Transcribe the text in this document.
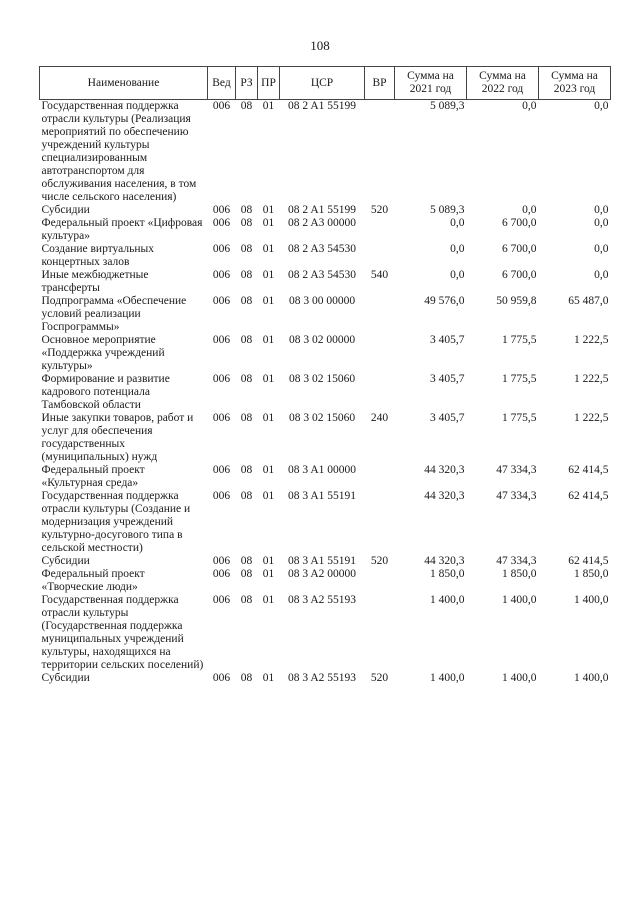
108
Наименование	Вед	РЗ	ПР	ЦСР	ВР	Сумма на 2021 год	Сумма на 2022 год	Сумма на 2023 год
Государственная поддержка отрасли культуры (Реализация мероприятий по обеспечению учреждений культуры специализированным автотранспортом для обслуживания населения, в том числе сельского населения)	006	08	01	08 2 A1 55199		5 089,3	0,0	0,0
Субсидии	006	08	01	08 2 A1 55199	520	5 089,3	0,0	0,0
Федеральный проект «Цифровая культура»	006	08	01	08 2 A3 00000		0,0	6 700,0	0,0
Создание виртуальных концертных залов	006	08	01	08 2 A3 54530		0,0	6 700,0	0,0
Иные межбюджетные трансферты	006	08	01	08 2 A3 54530	540	0,0	6 700,0	0,0
Подпрограмма «Обеспечение условий реализации Госпрограммы»	006	08	01	08 3 00 00000		49 576,0	50 959,8	65 487,0
Основное мероприятие «Поддержка учреждений культуры»	006	08	01	08 3 02 00000		3 405,7	1 775,5	1 222,5
Формирование и развитие кадрового потенциала Тамбовской области	006	08	01	08 3 02 15060		3 405,7	1 775,5	1 222,5
Иные закупки товаров, работ и услуг для обеспечения государственных (муниципальных) нужд	006	08	01	08 3 02 15060	240	3 405,7	1 775,5	1 222,5
Федеральный проект «Культурная среда»	006	08	01	08 3 A1 00000		44 320,3	47 334,3	62 414,5
Государственная поддержка отрасли культуры (Создание и модернизация учреждений культурно-досугового типа в сельской местности)	006	08	01	08 3 A1 55191		44 320,3	47 334,3	62 414,5
Субсидии	006	08	01	08 3 A1 55191	520	44 320,3	47 334,3	62 414,5
Федеральный проект «Творческие люди»	006	08	01	08 3 A2 00000		1 850,0	1 850,0	1 850,0
Государственная поддержка отрасли культуры (Государственная поддержка муниципальных учреждений культуры, находящихся на территории сельских поселений)	006	08	01	08 3 A2 55193		1 400,0	1 400,0	1 400,0
Субсидии	006	08	01	08 3 A2 55193	520	1 400,0	1 400,0	1 400,0
